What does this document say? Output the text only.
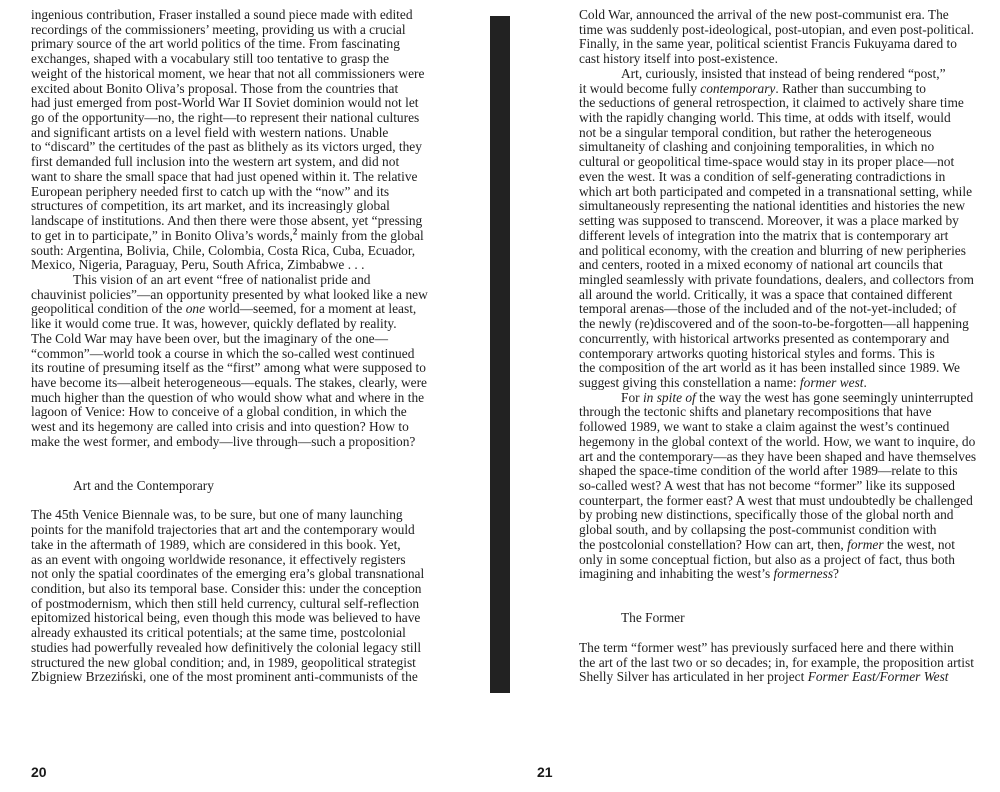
ingenious contribution, Fraser installed a sound piece made with edited
recordings of the commissioners’ meeting, providing us with a crucial
primary source of the art world politics of the time. From fascinating
exchanges, shaped with a vocabulary still too tentative to grasp the
weight of the historical moment, we hear that not all commissioners were
excited about Bonito Oliva’s proposal. Those from the countries that
had just emerged from post-World War II Soviet dominion would not let
go of the opportunity—no, the right—to represent their national cultures
and significant artists on a level field with western nations. Unable
to “discard” the certitudes of the past as blithely as its victors urged, they
first demanded full inclusion into the western art system, and did not
want to share the small space that had just opened within it. The relative
European periphery needed first to catch up with the “now” and its
structures of competition, its art market, and its increasingly global
landscape of institutions. And then there were those absent, yet “pressing
to get in to participate,” in Bonito Oliva’s words,$^2$ mainly from the global
south: Argentina, Bolivia, Chile, Colombia, Costa Rica, Cuba, Ecuador,
Mexico, Nigeria, Paraguay, Peru, South Africa, Zimbabwe . . .
This vision of an art event “free of nationalist pride and
chauvinist policies”—an opportunity presented by what looked like a new
geopolitical condition of the one world—seemed, for a moment at least,
like it would come true. It was, however, quickly deflated by reality.
The Cold War may have been over, but the imaginary of the one—
“common”—world took a course in which the so-called west continued
its routine of presuming itself as the “first” among what were supposed to
have become its—albeit heterogeneous—equals. The stakes, clearly, were
much higher than the question of who would show what and where in the
lagoon of Venice: How to conceive of a global condition, in which the
west and its hegemony are called into crisis and into question? How to
make the west former, and embody—live through—such a proposition?
Art and the Contemporary
The 45th Venice Biennale was, to be sure, but one of many launching
points for the manifold trajectories that art and the contemporary would
take in the aftermath of 1989, which are considered in this book. Yet,
as an event with ongoing worldwide resonance, it effectively registers
not only the spatial coordinates of the emerging era’s global transnational
condition, but also its temporal base. Consider this: under the conception
of postmodernism, which then still held currency, cultural self-reflection
epitomized historical being, even though this mode was believed to have
already exhausted its critical potentials; at the same time, postcolonial
studies had powerfully revealed how definitively the colonial legacy still
structured the new global condition; and, in 1989, geopolitical strategist
Zbigniew Brzeziński, one of the most prominent anti-communists of the
Cold War, announced the arrival of the new post-communist era. The
time was suddenly post-ideological, post-utopian, and even post-political.
Finally, in the same year, political scientist Francis Fukuyama dared to
cast history itself into post-existence.
Art, curiously, insisted that instead of being rendered “post,”
it would become fully contemporary. Rather than succumbing to
the seductions of general retrospection, it claimed to actively share time
with the rapidly changing world. This time, at odds with itself, would
not be a singular temporal condition, but rather the heterogeneous
simultaneity of clashing and conjoining temporalities, in which no
cultural or geopolitical time-space would stay in its proper place—not
even the west. It was a condition of self-generating contradictions in
which art both participated and competed in a transnational setting, while
simultaneously representing the national identities and histories the new
setting was supposed to transcend. Moreover, it was a place marked by
different levels of integration into the matrix that is contemporary art
and political economy, with the creation and blurring of new peripheries
and centers, rooted in a mixed economy of national art councils that
mingled seamlessly with private foundations, dealers, and collectors from
all around the world. Critically, it was a space that contained different
temporal arenas—those of the included and of the not-yet-included; of
the newly (re)discovered and of the soon-to-be-forgotten—all happening
concurrently, with historical artworks presented as contemporary and
contemporary artworks quoting historical styles and forms. This is
the composition of the art world as it has been installed since 1989. We
suggest giving this constellation a name: former west.
For in spite of the way the west has gone seemingly uninterrupted
through the tectonic shifts and planetary recompositions that have
followed 1989, we want to stake a claim against the west’s continued
hegemony in the global context of the world. How, we want to inquire, do
art and the contemporary—as they have been shaped and have themselves
shaped the space-time condition of the world after 1989—relate to this
so-called west? A west that has not become “former” like its supposed
counterpart, the former east? A west that must undoubtedly be challenged
by probing new distinctions, specifically those of the global north and
global south, and by collapsing the post-communist condition with
the postcolonial constellation? How can art, then, former the west, not
only in some conceptual fiction, but also as a project of fact, thus both
imagining and inhabiting the west’s formerness?
The Former
The term “former west” has previously surfaced here and there within
the art of the last two or so decades; in, for example, the proposition artist
Shelly Silver has articulated in her project Former East/Former West
20	21
